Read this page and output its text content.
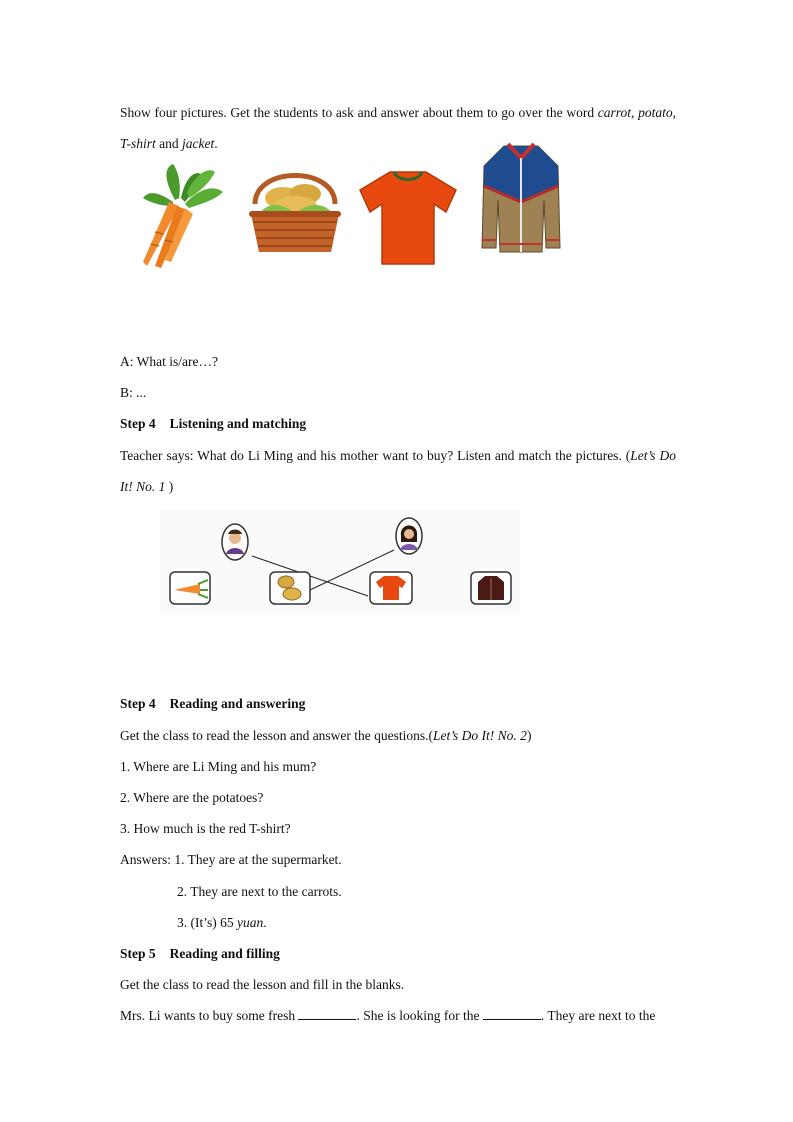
Show four pictures. Get the students to ask and answer about them to go over the word carrot, potato, T-shirt and jacket.
A: What is/are…?
B: ...
Step 4 Listening and matching
Teacher says: What do Li Ming and his mother want to buy? Listen and match the pictures. (Let’s Do It! No. 1 )
Step 4 Reading and answering
Get the class to read the lesson and answer the questions.(Let’s Do It! No. 2)
1. Where are Li Ming and his mum?
2. Where are the potatoes?
3. How much is the red T-shirt?
Answers: 1. They are at the supermarket.
2. They are next to the carrots.
3. (It’s) 65 yuan.
Step 5 Reading and filling
Get the class to read the lesson and fill in the blanks.
Mrs. Li wants to buy some fresh	. She is looking for the	. They are next to the
